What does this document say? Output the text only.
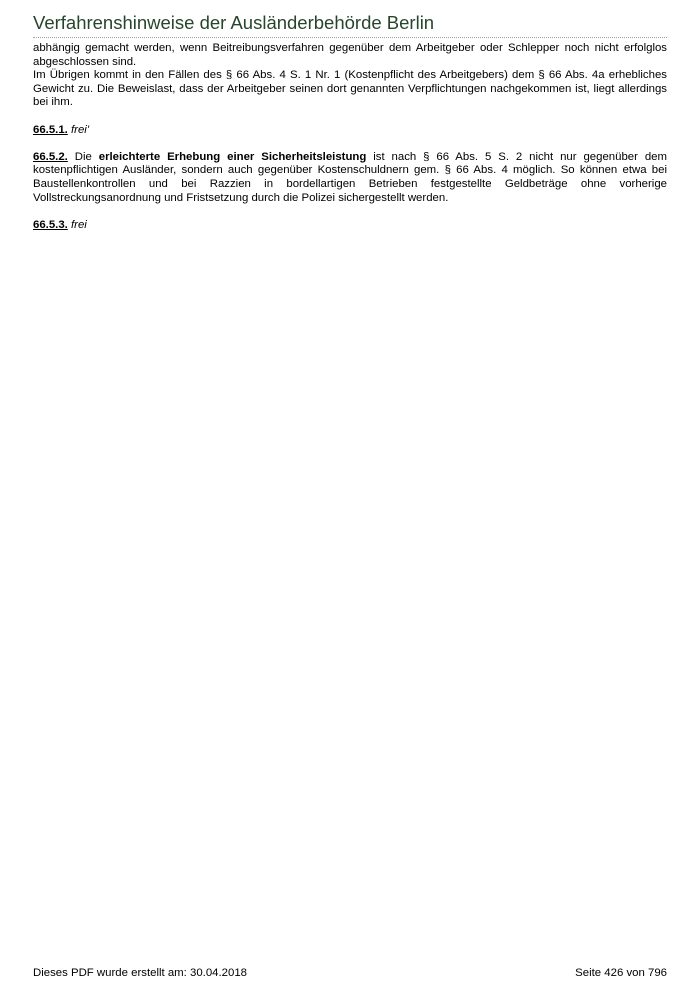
Verfahrenshinweise der Ausländerbehörde Berlin

abhängig gemacht werden, wenn Beitreibungsverfahren gegenüber dem Arbeitgeber oder Schlepper noch nicht erfolglos abgeschlossen sind.

Im Übrigen kommt in den Fällen des § 66 Abs. 4 S. 1 Nr. 1 (Kostenpflicht des Arbeitgebers) dem § 66 Abs. 4a erhebliches Gewicht zu. Die Beweislast, dass der Arbeitgeber seinen dort genannten Verpflichtungen nachgekommen ist, liegt allerdings bei ihm.

66.5.1. frei'

66.5.2. Die erleichterte Erhebung einer Sicherheitsleistung ist nach § 66 Abs. 5 S. 2 nicht nur gegenüber dem kostenpflichtigen Ausländer, sondern auch gegenüber Kostenschuldnern gem. § 66 Abs. 4 möglich. So können etwa bei Baustellenkontrollen und bei Razzien in bordellartigen Betrieben festgestellte Geldbeträge ohne vorherige Vollstreckungsanordnung und Fristsetzung durch die Polizei sichergestellt werden.

66.5.3. frei

Dieses PDF wurde erstellt am: 30.04.2018	Seite 426 von 796
